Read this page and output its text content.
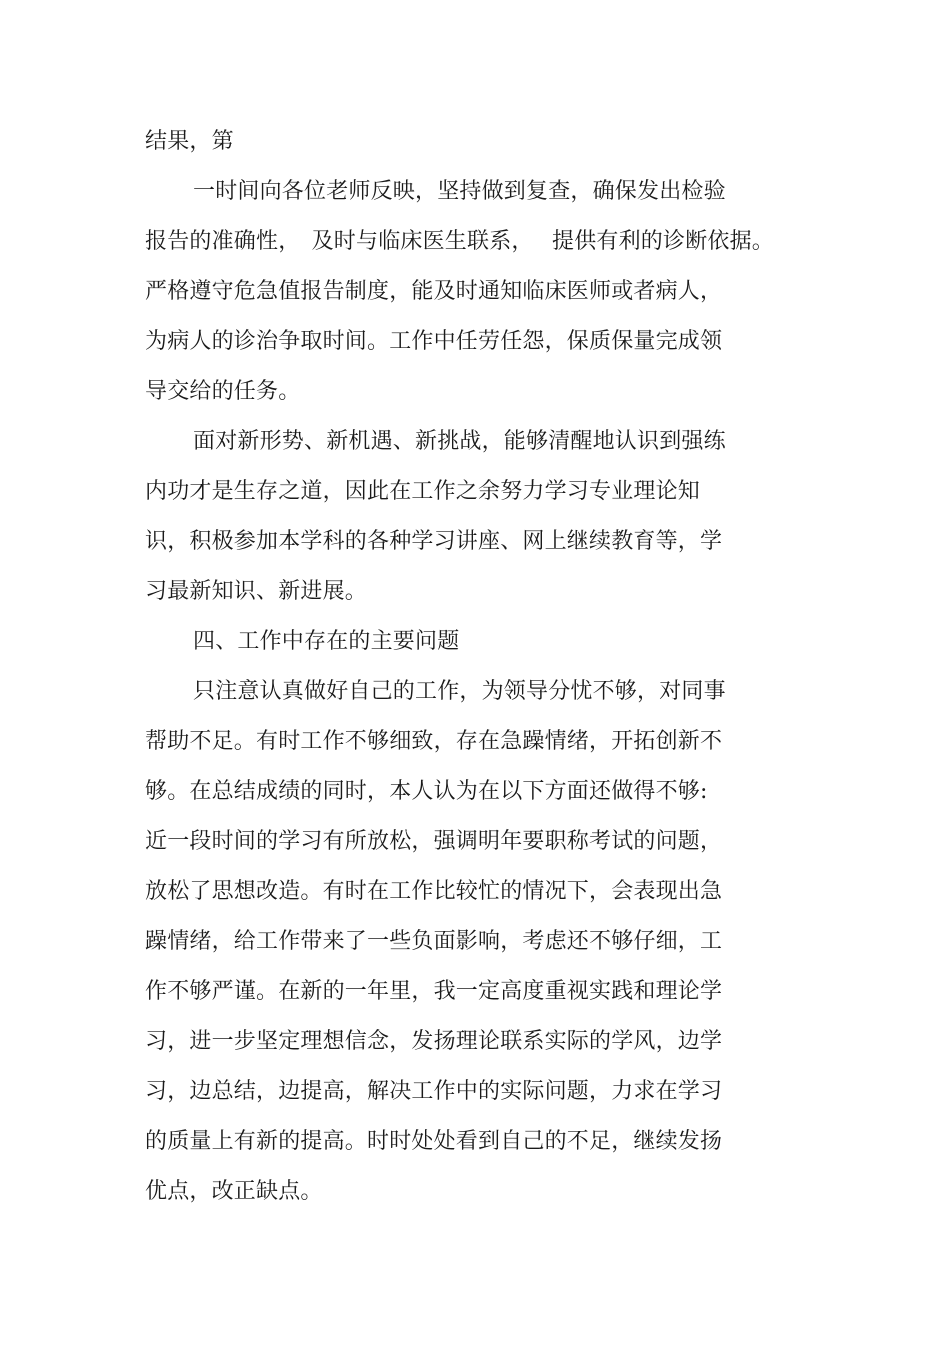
结果，第
一时间向各位老师反映，坚持做到复查，确保发出检验
报告的准确性，　及时与临床医生联系，　 提供有利的诊断依据。
严格遵守危急值报告制度，能及时通知临床医师或者病人，
为病人的诊治争取时间。工作中任劳任怨，保质保量完成领
导交给的任务。
面对新形势、新机遇、新挑战，能够清醒地认识到强练
内功才是生存之道，因此在工作之余努力学习专业理论知
识，积极参加本学科的各种学习讲座、网上继续教育等，学
习最新知识、新进展。
四、工作中存在的主要问题
只注意认真做好自己的工作，为领导分忧不够，对同事
帮助不足。有时工作不够细致，存在急躁情绪，开拓创新不
够。在总结成绩的同时，本人认为在以下方面还做得不够:
近一段时间的学习有所放松，强调明年要职称考试的问题，
放松了思想改造。有时在工作比较忙的情况下，会表现出急
躁情绪，给工作带来了一些负面影响，考虑还不够仔细，工
作不够严谨。在新的一年里，我一定高度重视实践和理论学
习，进一步坚定理想信念，发扬理论联系实际的学风，边学
习，边总结，边提高，解决工作中的实际问题，力求在学习
的质量上有新的提高。时时处处看到自己的不足，继续发扬
优点，改正缺点。
